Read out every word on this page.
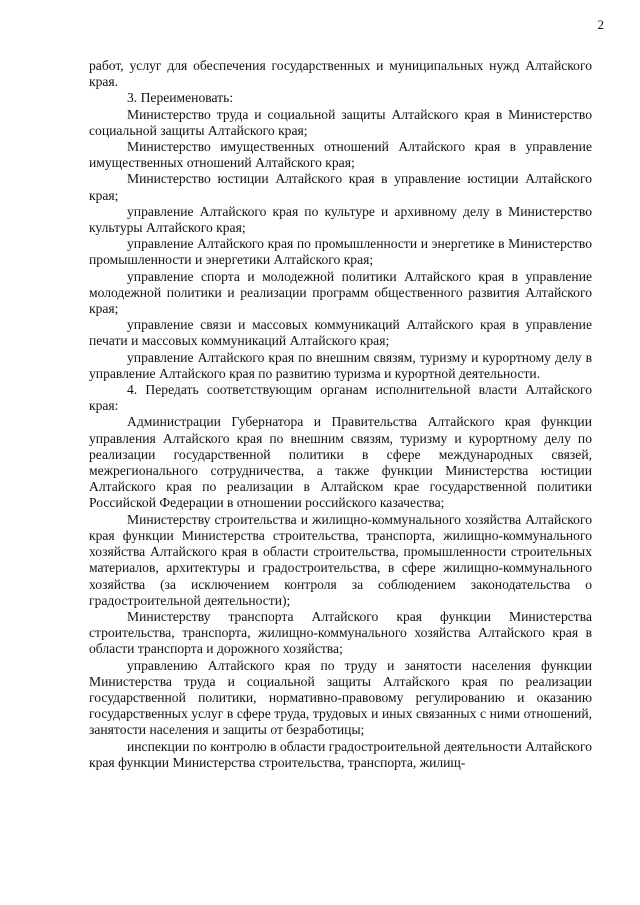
2

работ, услуг для обеспечения государственных и муниципальных нужд Алтайского края.

3. Переименовать:

Министерство труда и социальной защиты Алтайского края в Министерство социальной защиты Алтайского края;

Министерство имущественных отношений Алтайского края в управление имущественных отношений Алтайского края;

Министерство юстиции Алтайского края в управление юстиции Алтайского края;

управление Алтайского края по культуре и архивному делу в Министерство культуры Алтайского края;

управление Алтайского края по промышленности и энергетике в Министерство промышленности и энергетики Алтайского края;

управление спорта и молодежной политики Алтайского края в управление молодежной политики и реализации программ общественного развития Алтайского края;

управление связи и массовых коммуникаций Алтайского края в управление печати и массовых коммуникаций Алтайского края;

управление Алтайского края по внешним связям, туризму и курортному делу в управление Алтайского края по развитию туризма и курортной деятельности.

4. Передать соответствующим органам исполнительной власти Алтайского края:

Администрации Губернатора и Правительства Алтайского края функции управления Алтайского края по внешним связям, туризму и курортному делу по реализации государственной политики в сфере международных связей, межрегионального сотрудничества, а также функции Министерства юстиции Алтайского края по реализации в Алтайском крае государственной политики Российской Федерации в отношении российского казачества;

Министерству строительства и жилищно-коммунального хозяйства Алтайского края функции Министерства строительства, транспорта, жилищно-коммунального хозяйства Алтайского края в области строительства, промышленности строительных материалов, архитектуры и градостроительства, в сфере жилищно-коммунального хозяйства (за исключением контроля за соблюдением законодательства о градостроительной деятельности);

Министерству транспорта Алтайского края функции Министерства строительства, транспорта, жилищно-коммунального хозяйства Алтайского края в области транспорта и дорожного хозяйства;

управлению Алтайского края по труду и занятости населения функции Министерства труда и социальной защиты Алтайского края по реализации государственной политики, нормативно-правовому регулированию и оказанию государственных услуг в сфере труда, трудовых и иных связанных с ними отношений, занятости населения и защиты от безработицы;

инспекции по контролю в области градостроительной деятельности Алтайского края функции Министерства строительства, транспорта, жилищ-
